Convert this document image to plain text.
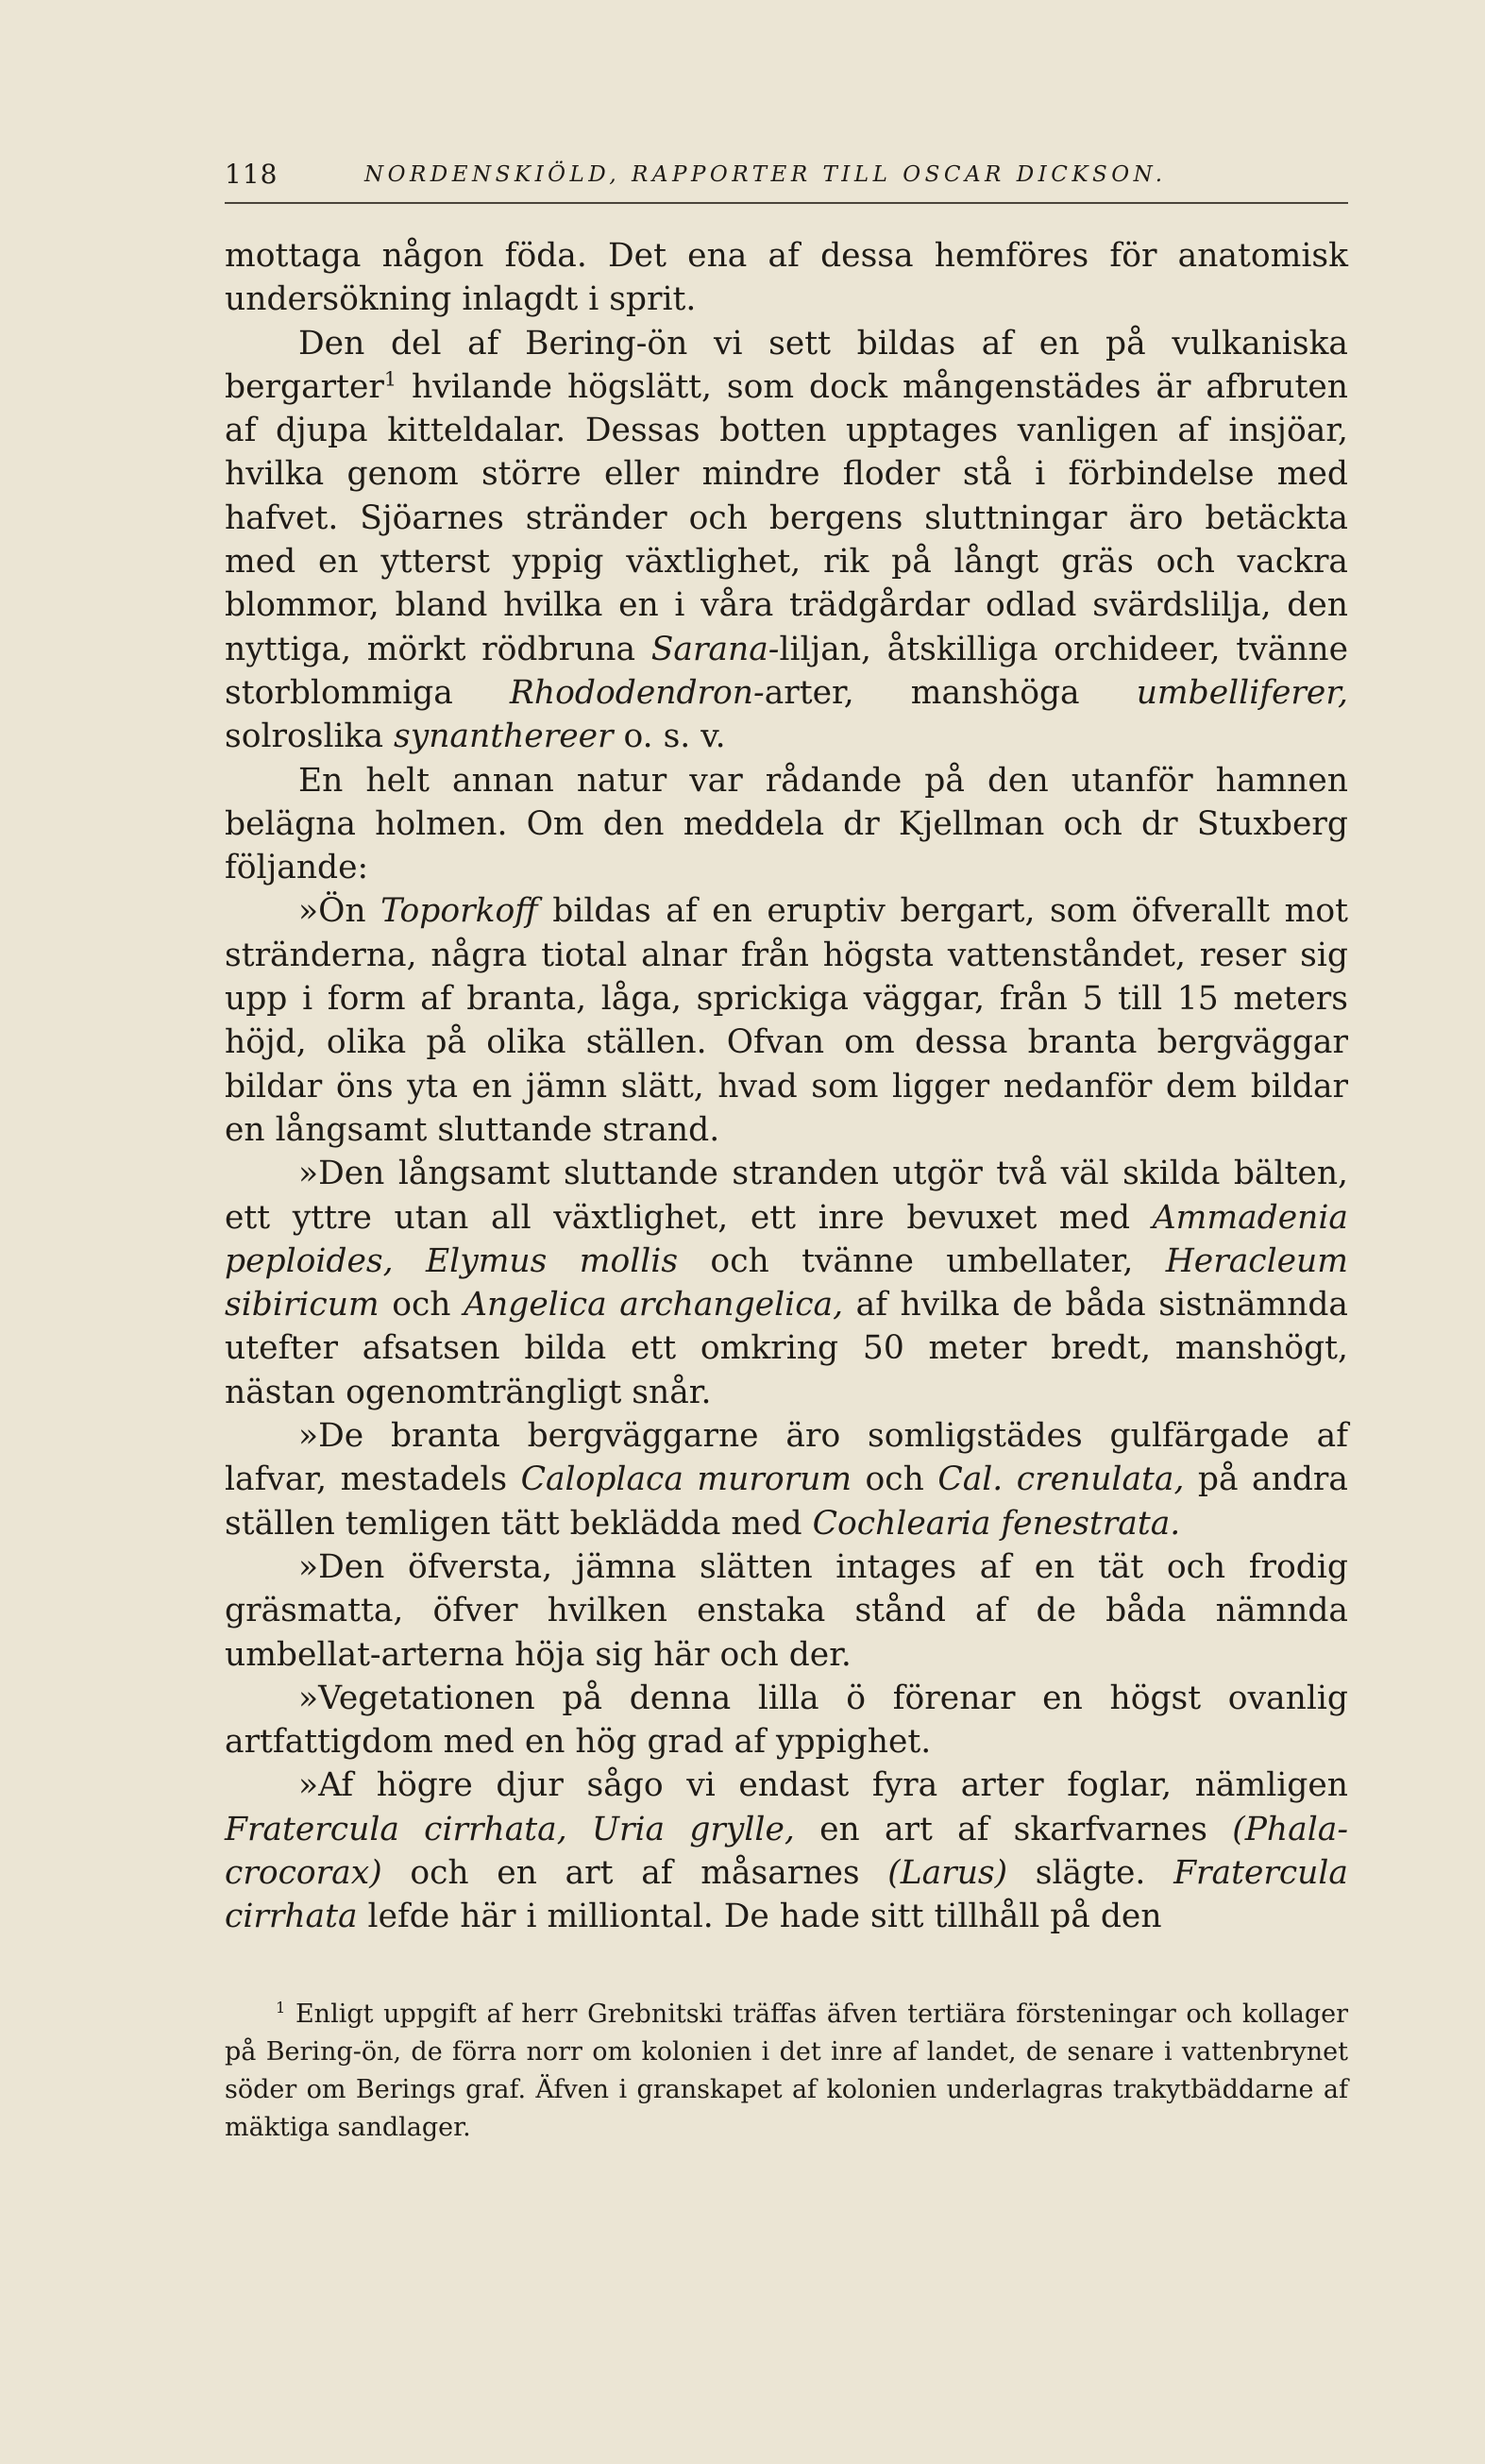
118	NORDENSKIÖLD, RAPPORTER TILL OSCAR DICKSON.

mottaga någon föda. Det ena af dessa hemföres för anatomisk undersökning inlagdt i sprit.

Den del af Bering-ön vi sett bildas af en på vulkaniska bergarter$^1$ hvilande högslätt, som dock mångenstädes är afbruten af djupa kitteldalar. Dessas botten upptages vanligen af insjöar, hvilka genom större eller mindre floder stå i förbindelse med hafvet. Sjöarnes stränder och bergens sluttningar äro betäckta med en ytterst yppig växtlighet, rik på långt gräs och vackra blommor, bland hvilka en i våra trädgårdar odlad svärdslilja, den nyttiga, mörkt rödbruna Sarana-liljan, åtskilliga orchideer, tvänne storblommiga Rhododendron-arter, manshöga umbelliferer, solroslika synanthereer o. s. v.

En helt annan natur var rådande på den utanför hamnen belägna holmen. Om den meddela dr Kjellman och dr Stuxberg följande:

»Ön Toporkoff bildas af en eruptiv bergart, som öfverallt mot stränderna, några tiotal alnar från högsta vattenståndet, reser sig upp i form af branta, låga, sprickiga väggar, från 5 till 15 meters höjd, olika på olika ställen. Ofvan om dessa branta bergväggar bildar öns yta en jämn slätt, hvad som ligger nedanför dem bildar en långsamt sluttande strand.

»Den långsamt sluttande stranden utgör två väl skilda bälten, ett yttre utan all växtlighet, ett inre bevuxet med Ammadenia peploides, Elymus mollis och tvänne umbellater, Heracleum sibiricum och Angelica archangelica, af hvilka de båda sistnämnda utefter afsatsen bilda ett omkring 50 meter bredt, manshögt, nästan ogenomträngligt snår.

»De branta bergväggarne äro somligstädes gulfärgade af lafvar, mestadels Caloplaca murorum och Cal. crenulata, på andra ställen temligen tätt beklädda med Cochlearia fenestrata.

»Den öfversta, jämna slätten intages af en tät och frodig gräsmatta, öfver hvilken enstaka stånd af de båda nämnda umbellat-arterna höja sig här och der.

»Vegetationen på denna lilla ö förenar en högst ovanlig artfattigdom med en hög grad af yppighet.

»Af högre djur sågo vi endast fyra arter foglar, nämligen Fratercula cirrhata, Uria grylle, en art af skarfvarnes (Phalacrocorax) och en art af måsarnes (Larus) slägte. Fratercula cirrhata lefde här i milliontal. De hade sitt tillhåll på den

$^1$ Enligt uppgift af herr Grebnitski träffas äfven tertiära försteningar och kollager på Bering-ön, de förra norr om kolonien i det inre af landet, de senare i vattenbrynet söder om Berings graf. Äfven i granskapet af kolonien underlagras trakytbäddarne af mäktiga sandlager.
